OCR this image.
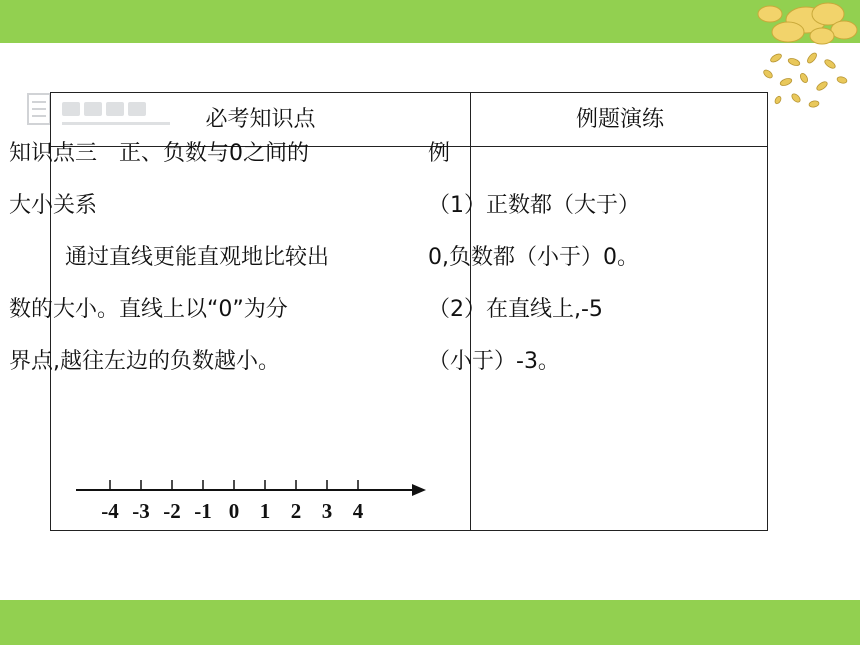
必考知识点	例题演练
知识点三　正、负数与0之间的
大小关系
通过直线更能直观地比较出
数的大小。直线上以“0”为分
界点,越往左边的负数越小。
例
（1）正数都（大于）
0,负数都（小于）0。
（2）在直线上,-5
（小于）-3。
-4 -3 -2 -1 0 1 2 3 4
